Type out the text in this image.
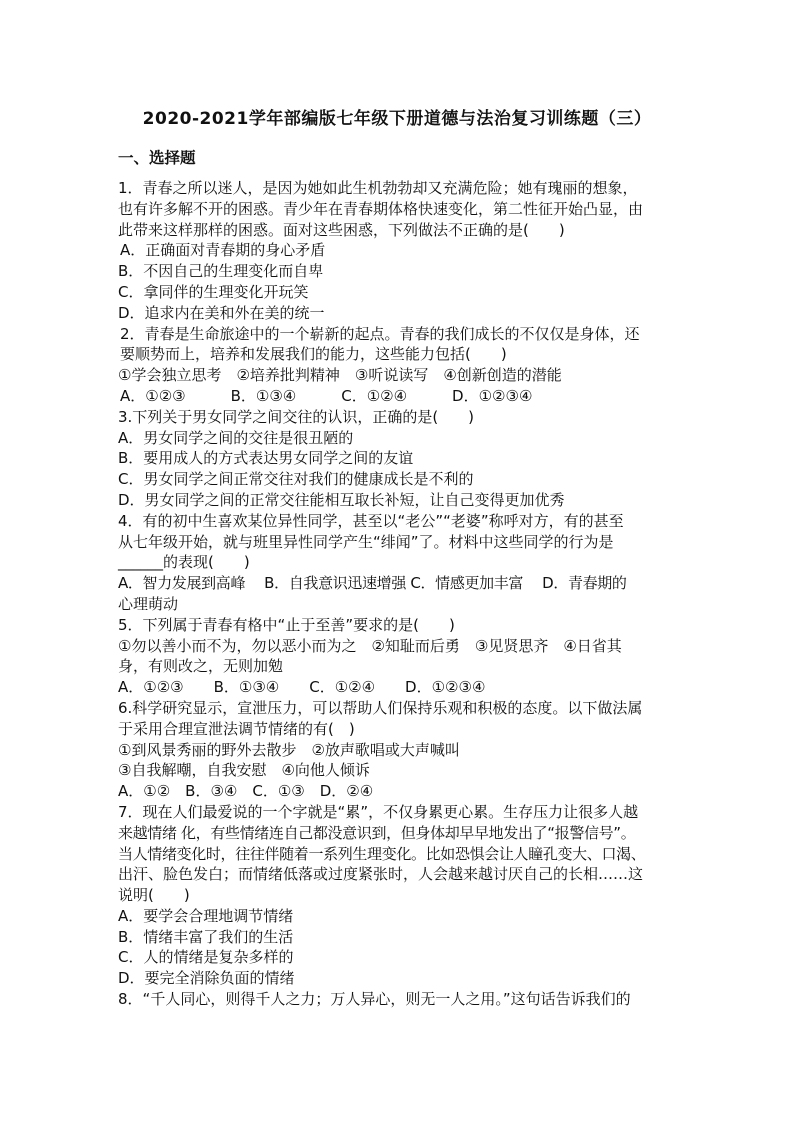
2020-2021学年部编版七年级下册道德与法治复习训练题（三）
一、选择题
1．青春之所以迷人，是因为她如此生机勃勃却又充满危险；她有瑰丽的想象，
也有许多解不开的困惑。青少年在青春期体格快速变化，第二性征开始凸显，由
此带来这样那样的困惑。面对这些困惑，下列做法不正确的是(　　)
A．正确面对青春期的身心矛盾
B．不因自己的生理变化而自卑
C．拿同伴的生理变化开玩笑
D．追求内在美和外在美的统一
2．青春是生命旅途中的一个崭新的起点。青春的我们成长的不仅仅是身体，还
要顺势而上，培养和发展我们的能力，这些能力包括(　　)
①学会独立思考　②培养批判精神　③听说读写　④创新创造的潜能
A．①②③　　　B．①③④　　　C．①②④　　　D．①②③④
3.下列关于男女同学之间交往的认识，正确的是(　　)
A．男女同学之间的交往是很丑陋的
B．要用成人的方式表达男女同学之间的友谊
C．男女同学之间正常交往对我们的健康成长是不利的
D．男女同学之间的正常交往能相互取长补短，让自己变得更加优秀
4．有的初中生喜欢某位异性同学，甚至以“老公”“老婆”称呼对方，有的甚至
从七年级开始，就与班里异性同学产生“绯闻”了。材料中这些同学的行为是
______的表现(　　)
A．智力发展到高峰　 B．自我意识迅速增强 C．情感更加丰富　 D．青春期的
心理萌动
5．下列属于青春有格中“止于至善”要求的是(　　)
①勿以善小而不为，勿以恶小而为之　②知耻而后勇　③见贤思齐　④日省其
身，有则改之，无则加勉
A．①②③　　B．①③④　　C．①②④　　D．①②③④
6.科学研究显示，宣泄压力，可以帮助人们保持乐观和积极的态度。以下做法属
于采用合理宣泄法调节情绪的有(　)
①到风景秀丽的野外去散步　②放声歌唱或大声喊叫
③自我解嘲，自我安慰　④向他人倾诉
A．①②　B．③④　C．①③　D．②④
7．现在人们最爱说的一个字就是“累”，不仅身累更心累。生存压力让很多人越
来越情绪 化，有些情绪连自己都没意识到，但身体却早早地发出了“报警信号”。
当人情绪变化时，往往伴随着一系列生理变化。比如恐惧会让人瞳孔变大、口渴、
出汗、脸色发白；而情绪低落或过度紧张时，人会越来越讨厌自己的长相……这
说明(　　)
A．要学会合理地调节情绪
B．情绪丰富了我们的生活
C．人的情绪是复杂多样的
D．要完全消除负面的情绪
8．“千人同心，则得千人之力；万人异心，则无一人之用。”这句话告诉我们的
